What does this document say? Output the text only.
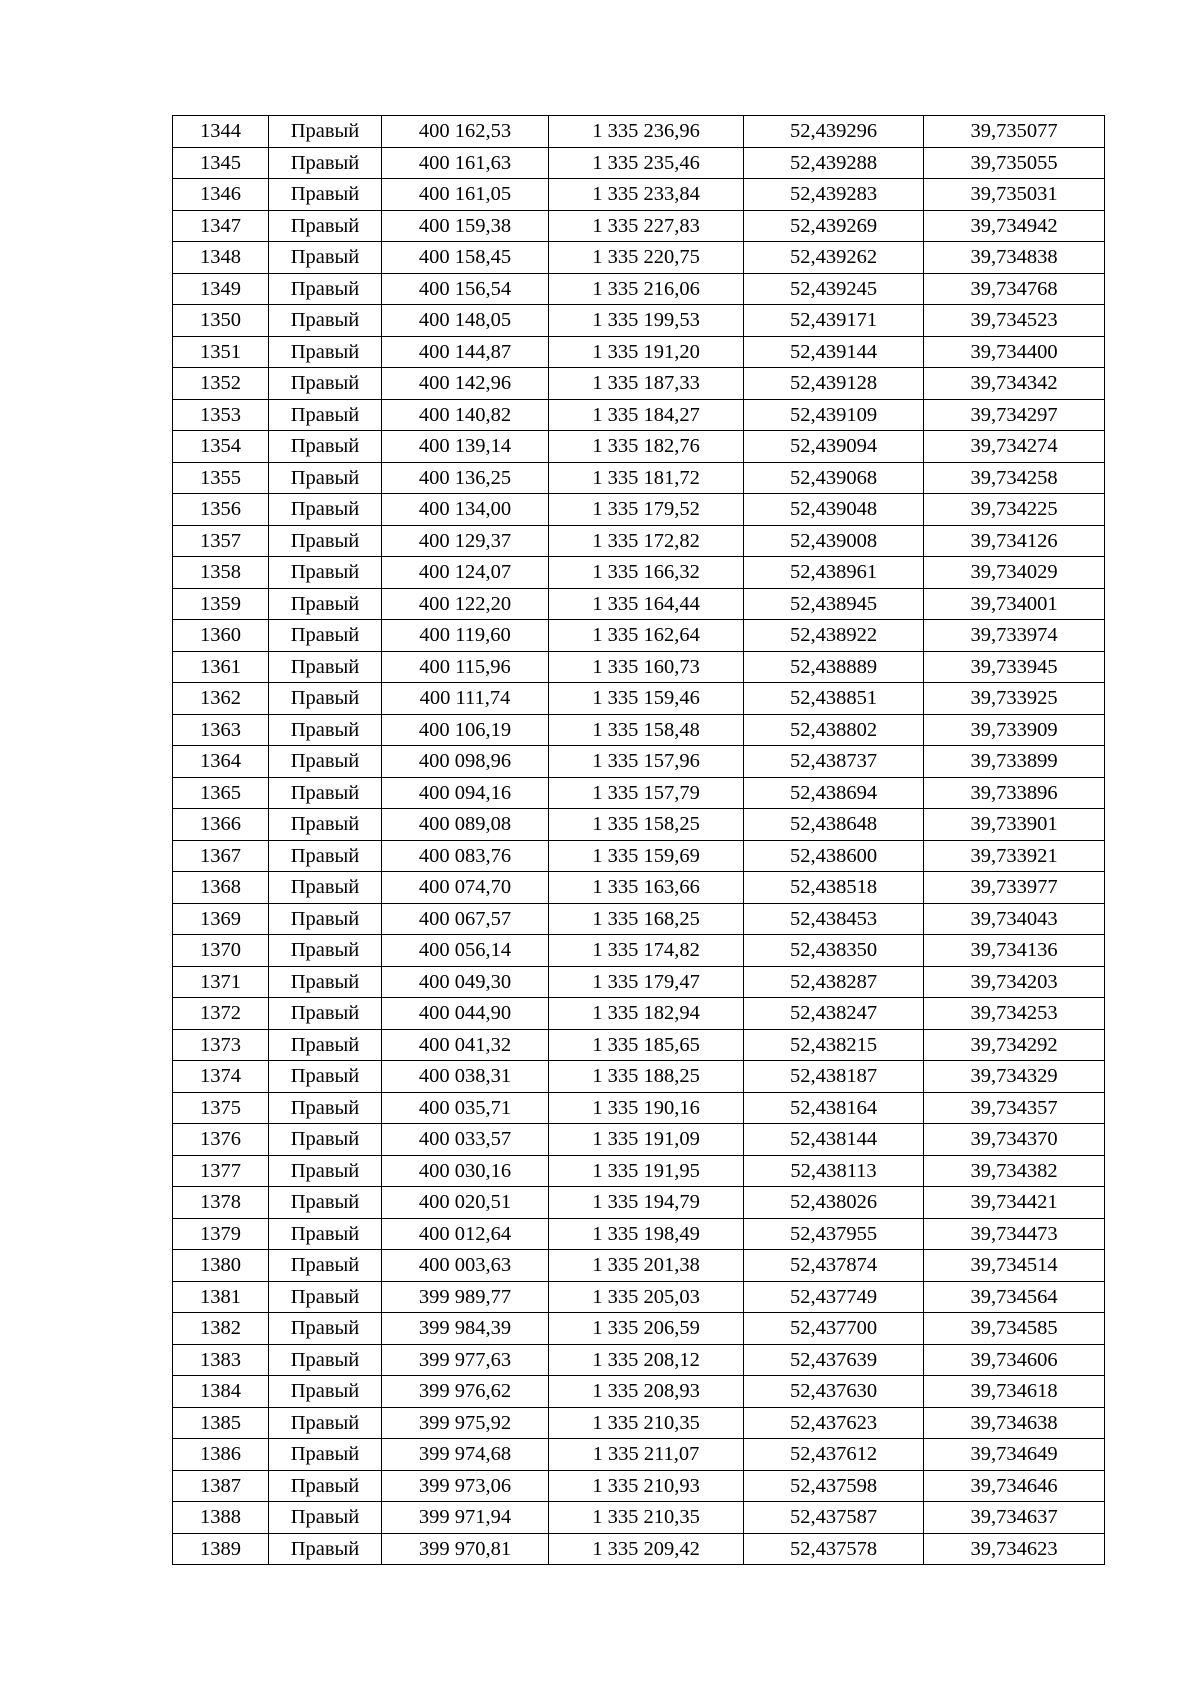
1344	Правый	400 162,53	1 335 236,96	52,439296	39,735077
1345	Правый	400 161,63	1 335 235,46	52,439288	39,735055
1346	Правый	400 161,05	1 335 233,84	52,439283	39,735031
1347	Правый	400 159,38	1 335 227,83	52,439269	39,734942
1348	Правый	400 158,45	1 335 220,75	52,439262	39,734838
1349	Правый	400 156,54	1 335 216,06	52,439245	39,734768
1350	Правый	400 148,05	1 335 199,53	52,439171	39,734523
1351	Правый	400 144,87	1 335 191,20	52,439144	39,734400
1352	Правый	400 142,96	1 335 187,33	52,439128	39,734342
1353	Правый	400 140,82	1 335 184,27	52,439109	39,734297
1354	Правый	400 139,14	1 335 182,76	52,439094	39,734274
1355	Правый	400 136,25	1 335 181,72	52,439068	39,734258
1356	Правый	400 134,00	1 335 179,52	52,439048	39,734225
1357	Правый	400 129,37	1 335 172,82	52,439008	39,734126
1358	Правый	400 124,07	1 335 166,32	52,438961	39,734029
1359	Правый	400 122,20	1 335 164,44	52,438945	39,734001
1360	Правый	400 119,60	1 335 162,64	52,438922	39,733974
1361	Правый	400 115,96	1 335 160,73	52,438889	39,733945
1362	Правый	400 111,74	1 335 159,46	52,438851	39,733925
1363	Правый	400 106,19	1 335 158,48	52,438802	39,733909
1364	Правый	400 098,96	1 335 157,96	52,438737	39,733899
1365	Правый	400 094,16	1 335 157,79	52,438694	39,733896
1366	Правый	400 089,08	1 335 158,25	52,438648	39,733901
1367	Правый	400 083,76	1 335 159,69	52,438600	39,733921
1368	Правый	400 074,70	1 335 163,66	52,438518	39,733977
1369	Правый	400 067,57	1 335 168,25	52,438453	39,734043
1370	Правый	400 056,14	1 335 174,82	52,438350	39,734136
1371	Правый	400 049,30	1 335 179,47	52,438287	39,734203
1372	Правый	400 044,90	1 335 182,94	52,438247	39,734253
1373	Правый	400 041,32	1 335 185,65	52,438215	39,734292
1374	Правый	400 038,31	1 335 188,25	52,438187	39,734329
1375	Правый	400 035,71	1 335 190,16	52,438164	39,734357
1376	Правый	400 033,57	1 335 191,09	52,438144	39,734370
1377	Правый	400 030,16	1 335 191,95	52,438113	39,734382
1378	Правый	400 020,51	1 335 194,79	52,438026	39,734421
1379	Правый	400 012,64	1 335 198,49	52,437955	39,734473
1380	Правый	400 003,63	1 335 201,38	52,437874	39,734514
1381	Правый	399 989,77	1 335 205,03	52,437749	39,734564
1382	Правый	399 984,39	1 335 206,59	52,437700	39,734585
1383	Правый	399 977,63	1 335 208,12	52,437639	39,734606
1384	Правый	399 976,62	1 335 208,93	52,437630	39,734618
1385	Правый	399 975,92	1 335 210,35	52,437623	39,734638
1386	Правый	399 974,68	1 335 211,07	52,437612	39,734649
1387	Правый	399 973,06	1 335 210,93	52,437598	39,734646
1388	Правый	399 971,94	1 335 210,35	52,437587	39,734637
1389	Правый	399 970,81	1 335 209,42	52,437578	39,734623
